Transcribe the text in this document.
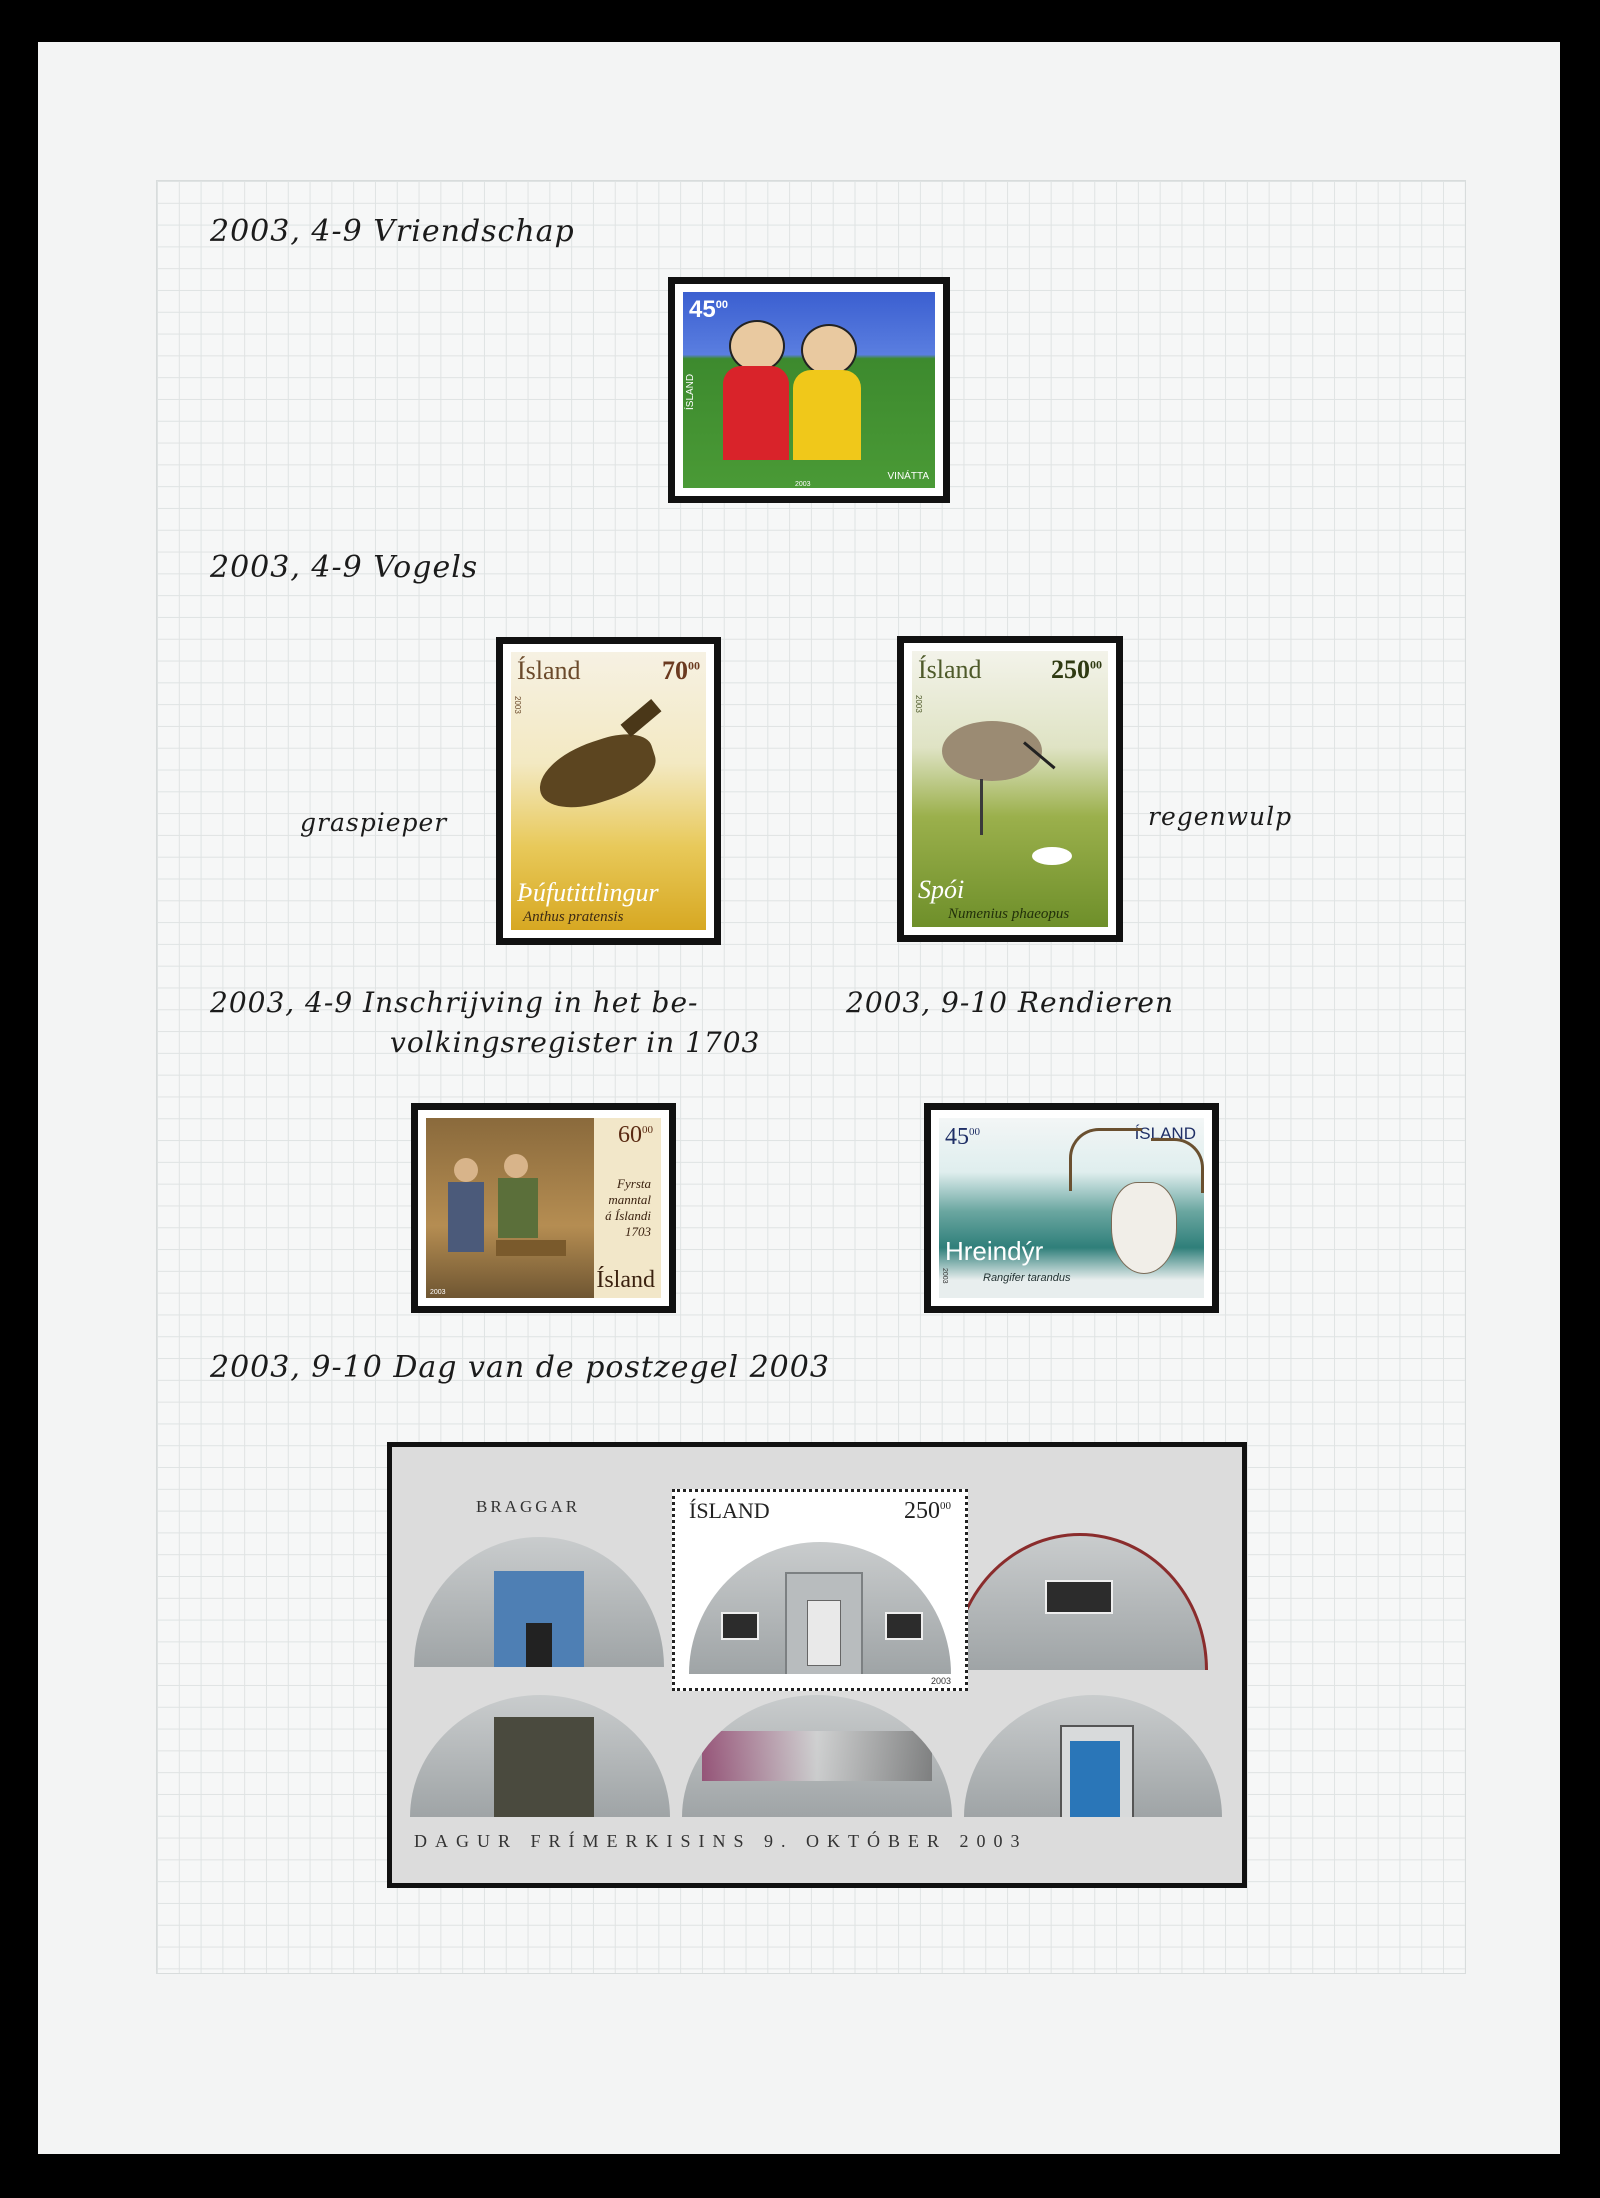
2003, 4-9 Vriendschap
2003, 4-9 Vogels
graspieper	regenwulp
2003, 4-9 Inschrijving in het be-
volkingsregister in 1703
2003, 9-10 Rendieren
2003, 9-10 Dag van de postzegel 2003
$45^{00}$
ÍSLAND
VINÁTTA
2003
Ísland	$70^{00}$
2003
Þúfutittlingur
Anthus pratensis
Ísland	$250^{00}$
2003
Spói
Numenius phaeopus
$60^{00}$
Fyrsta
manntal
á Íslandi
1703
Ísland
2003
$45^{00}$	ÍSLAND
Hreindýr
Rangifer tarandus
2003
BRAGGAR	ÍSLAND	$250^{00}$
2003
DAGUR FRÍMERKISINS 9. OKTÓBER 2003
